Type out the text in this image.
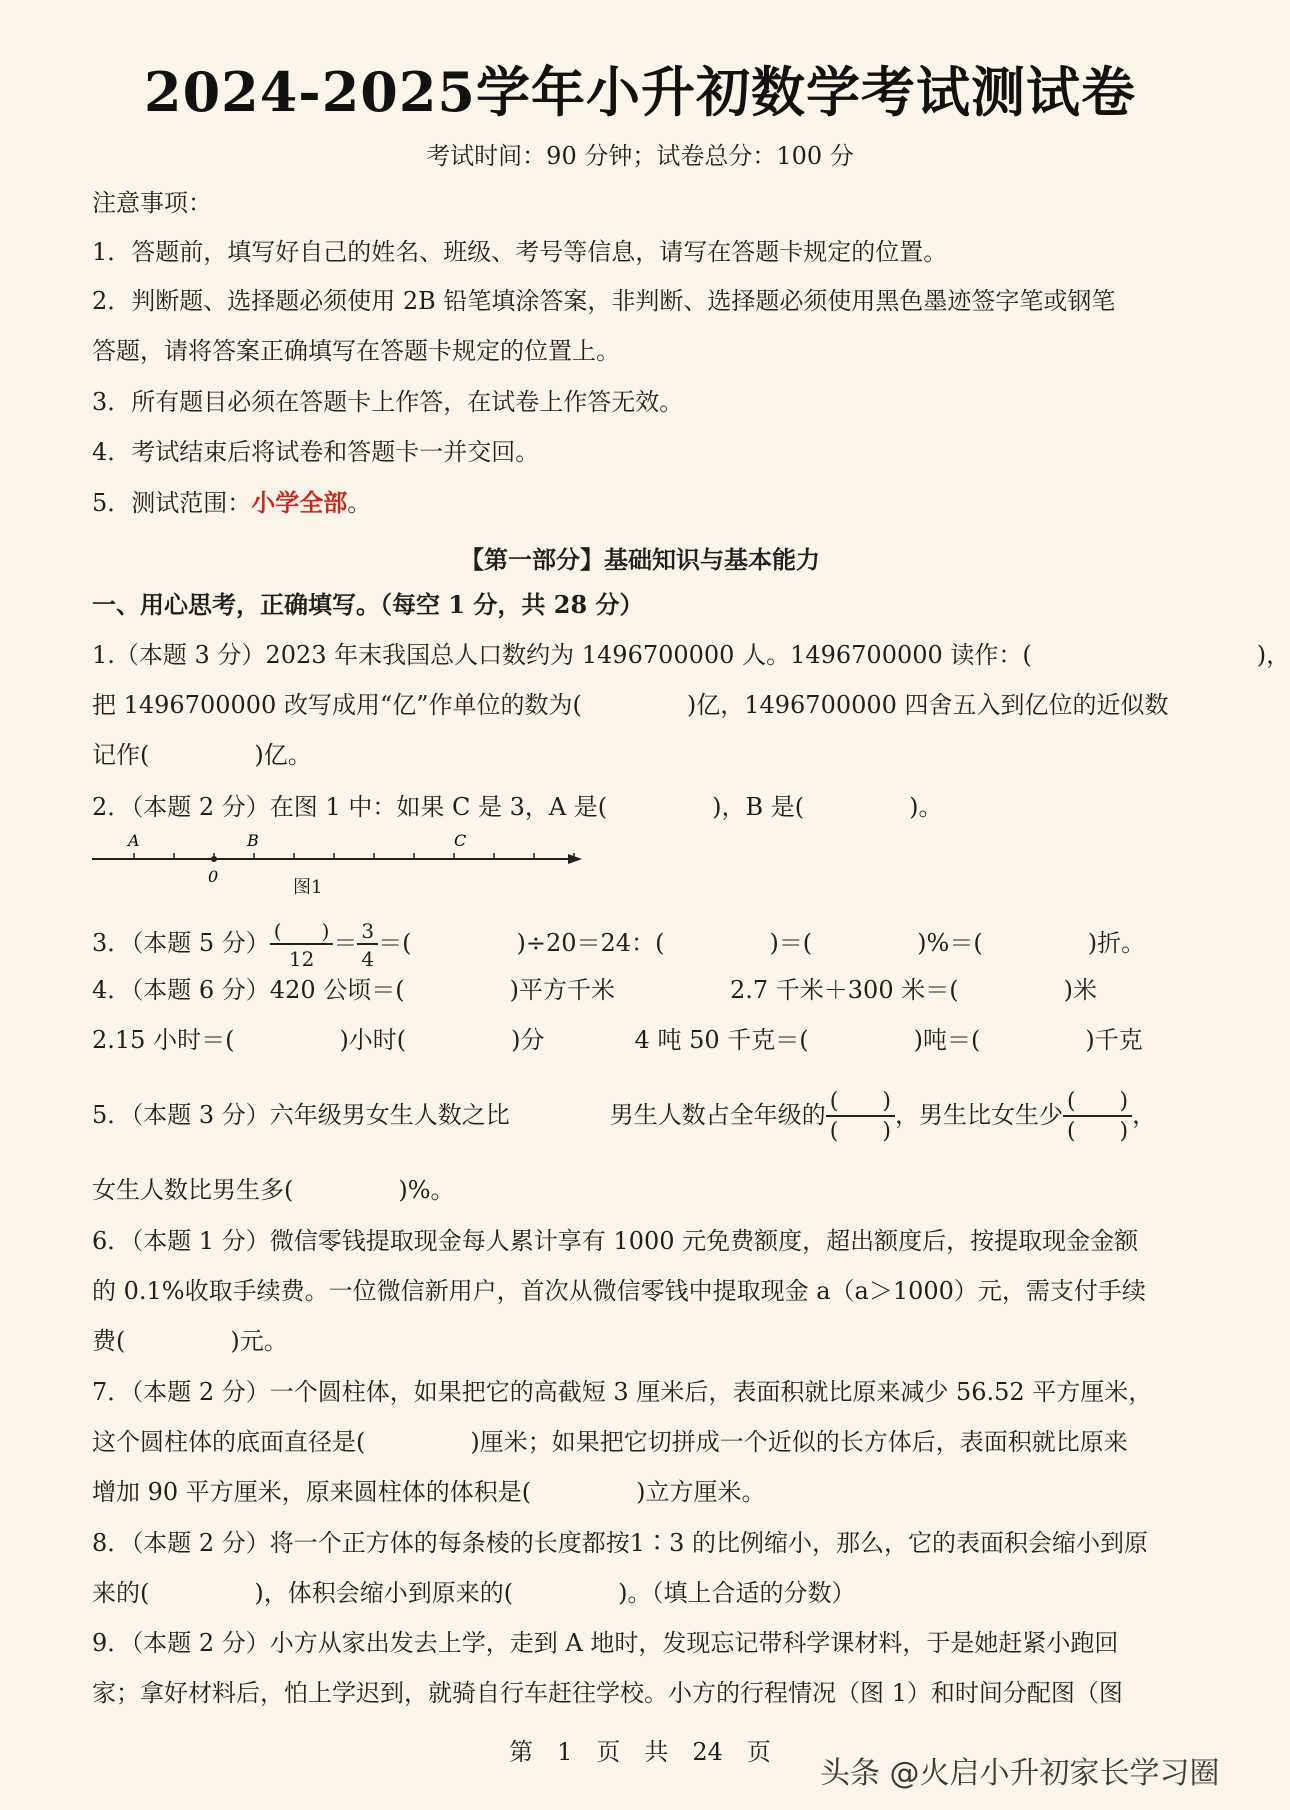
2024-2025学年小升初数学考试测试卷
考试时间：90 分钟；试卷总分：100 分
注意事项：
1．答题前，填写好自己的姓名、班级、考号等信息，请写在答题卡规定的位置。
2．判断题、选择题必须使用 2B 铅笔填涂答案，非判断、选择题必须使用黑色墨迹签字笔或钢笔
答题，请将答案正确填写在答题卡规定的位置上。
3．所有题目必须在答题卡上作答，在试卷上作答无效。
4．考试结束后将试卷和答题卡一并交回。
5．测试范围：小学全部。
【第一部分】基础知识与基本能力
一、用心思考，正确填写。（每空 1 分，共 28 分）
1.（本题 3 分）2023 年末我国总人口数约为 1496700000 人。1496700000 读作：(	)，
把 1496700000 改写成用“亿”作单位的数为(	)亿，1496700000 四舍五入到亿位的近似数
记作(	)亿。
2．（本题 2 分）在图 1 中：如果 C 是 3，A 是(	)，B 是(	)。
A	B	C
0
图1
3．（本题 5 分） $\frac{( )}{12} = \frac{3}{4}$ ＝(	)÷20＝24：(	)＝(	)%＝(	)折。
4．（本题 6 分）420 公顷＝(	)平方千米	2.7 千米＋300 米＝(	)米
2.15 小时＝(	)小时(	)分	4 吨 50 千克＝(	)吨＝(	)千克
5．（本题 3 分）六年级男女生人数之比	男生人数占全年级的 $\frac{( )}{( )}$ ，男生比女生少 $\frac{( )}{( )}$ ，
女生人数比男生多(	)%。
6．（本题 1 分）微信零钱提取现金每人累计享有 1000 元免费额度，超出额度后，按提取现金金额
的 0.1%收取手续费。一位微信新用户，首次从微信零钱中提取现金 a（a＞1000）元，需支付手续
费(	)元。
7．（本题 2 分）一个圆柱体，如果把它的高截短 3 厘米后，表面积就比原来减少 56.52 平方厘米，
这个圆柱体的底面直径是(	)厘米；如果把它切拼成一个近似的长方体后，表面积就比原来
增加 90 平方厘米，原来圆柱体的体积是(	)立方厘米。
8．（本题 2 分）将一个正方体的每条棱的长度都按1∶3 的比例缩小，那么，它的表面积会缩小到原
来的(	)，体积会缩小到原来的(	)。（填上合适的分数）
9．（本题 2 分）小方从家出发去上学，走到 A 地时，发现忘记带科学课材料，于是她赶紧小跑回
家；拿好材料后，怕上学迟到，就骑自行车赶往学校。小方的行程情况（图 1）和时间分配图（图
第　1　页　共　24　页
头条 @火启小升初家长学习圈
